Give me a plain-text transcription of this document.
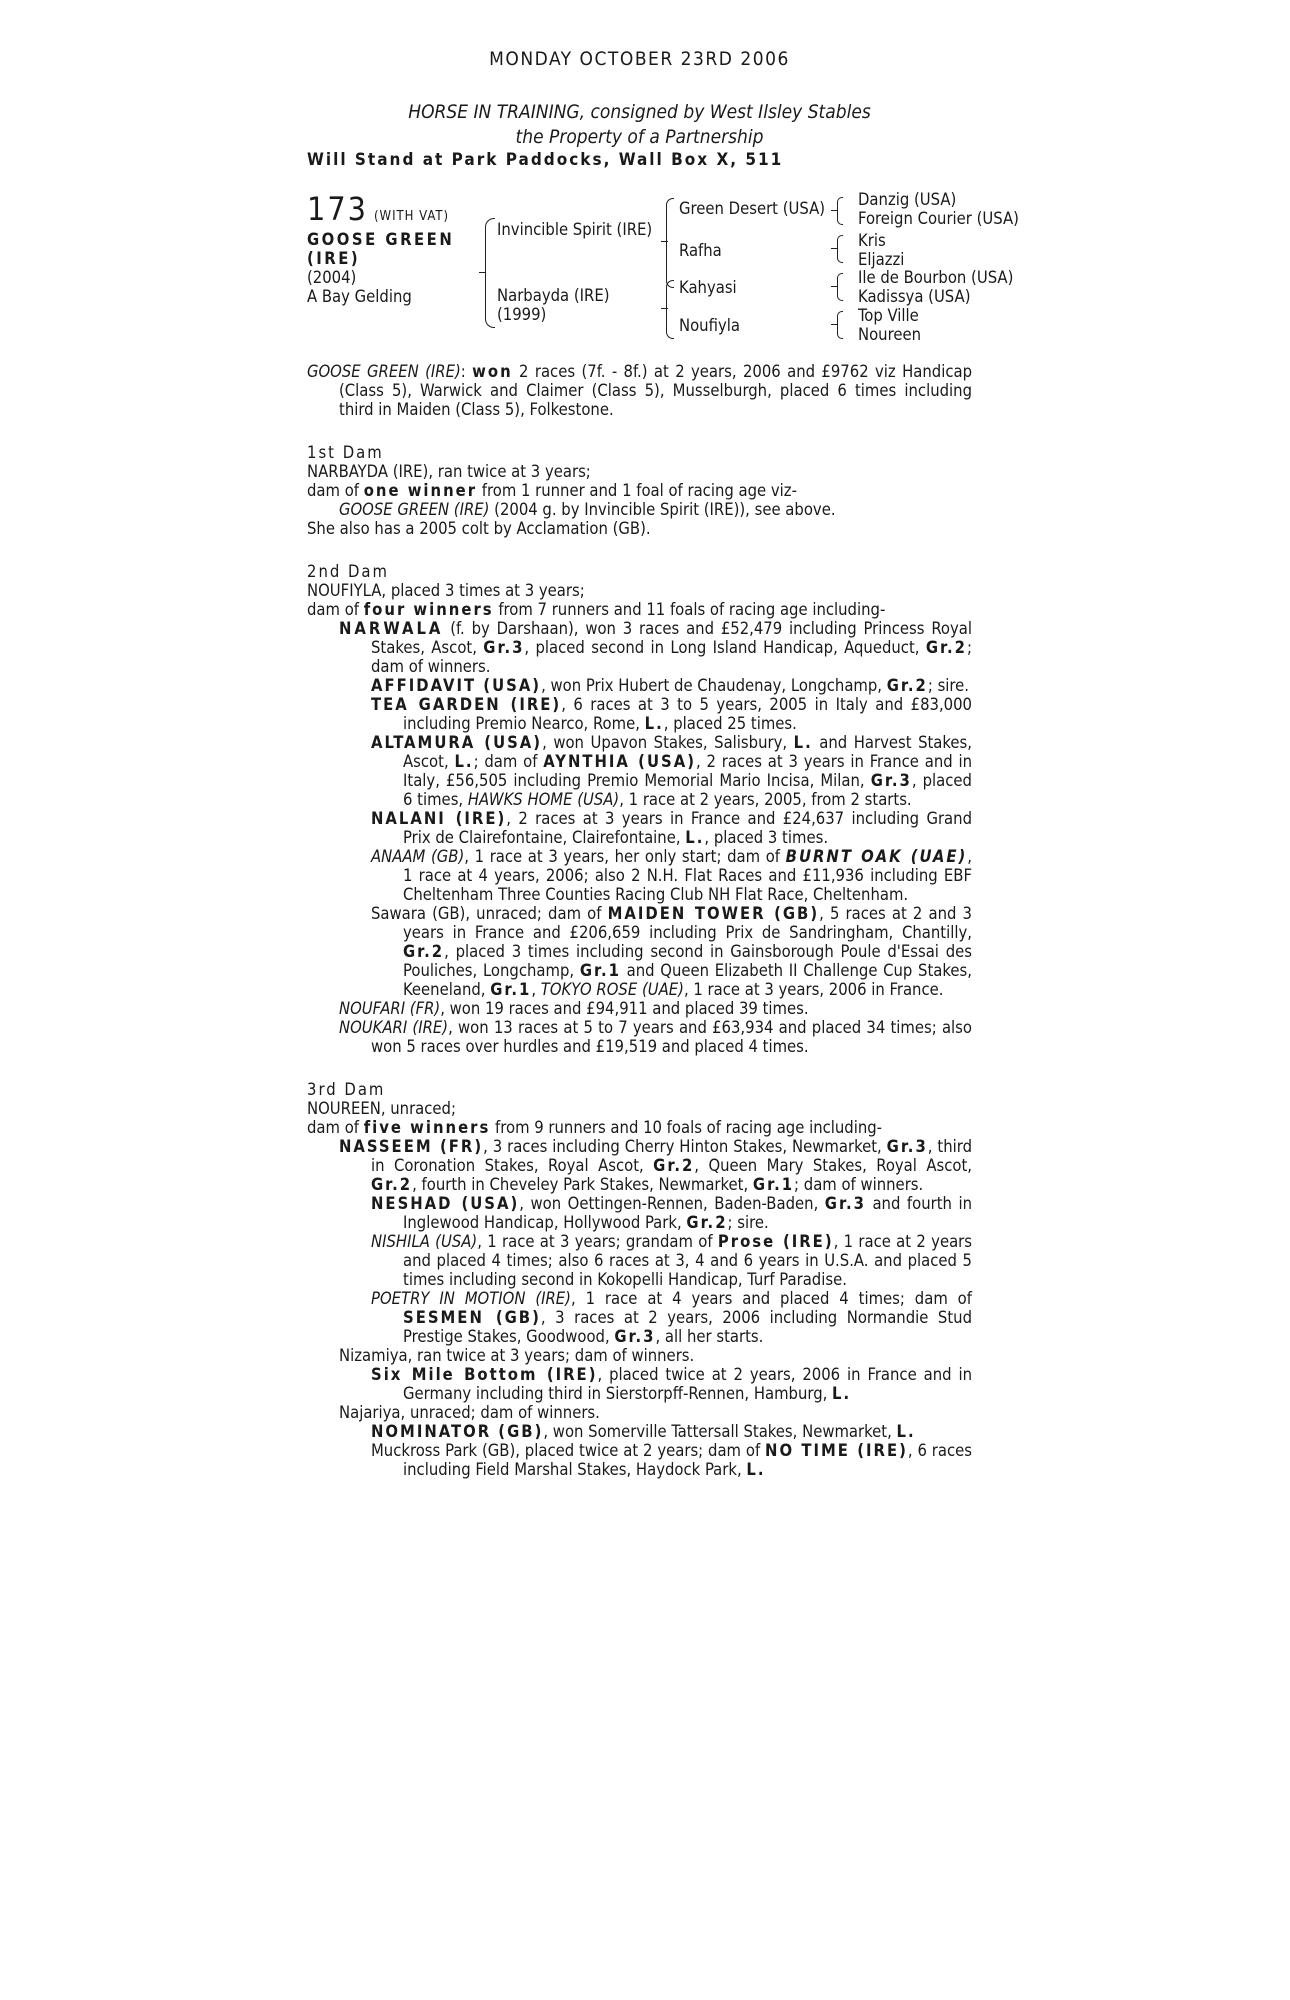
MONDAY OCTOBER 23RD 2006
HORSE IN TRAINING, consigned by West Ilsley Stables
the Property of a Partnership
Will Stand at Park Paddocks, Wall Box X, 511
173 (WITH VAT)
GOOSE GREEN
(IRE)
(2004)
A Bay Gelding
Invincible Spirit (IRE)
Narbayda (IRE)
(1999)
Green Desert (USA)
Rafha
Kahyasi
Noufiyla
Danzig (USA)
Foreign Courier (USA)
Kris
Eljazzi
Ile de Bourbon (USA)
Kadissya (USA)
Top Ville
Noureen

GOOSE GREEN (IRE): won 2 races (7f. - 8f.) at 2 years, 2006 and £9762 viz Handicap (Class 5), Warwick and Claimer (Class 5), Musselburgh, placed 6 times including third in Maiden (Class 5), Folkestone.

1st Dam

NARBAYDA (IRE), ran twice at 3 years;

dam of one winner from 1 runner and 1 foal of racing age viz-

GOOSE GREEN (IRE) (2004 g. by Invincible Spirit (IRE)), see above.

She also has a 2005 colt by Acclamation (GB).

2nd Dam

NOUFIYLA, placed 3 times at 3 years;

dam of four winners from 7 runners and 11 foals of racing age including-

NARWALA (f. by Darshaan), won 3 races and £52,479 including Princess Royal Stakes, Ascot, Gr.3, placed second in Long Island Handicap, Aqueduct, Gr.2; dam of winners.

AFFIDAVIT (USA), won Prix Hubert de Chaudenay, Longchamp, Gr.2; sire.

TEA GARDEN (IRE), 6 races at 3 to 5 years, 2005 in Italy and £83,000 including Premio Nearco, Rome, L., placed 25 times.

ALTAMURA (USA), won Upavon Stakes, Salisbury, L. and Harvest Stakes, Ascot, L.; dam of AYNTHIA (USA), 2 races at 3 years in France and in Italy, £56,505 including Premio Memorial Mario Incisa, Milan, Gr.3, placed 6 times, HAWKS HOME (USA), 1 race at 2 years, 2005, from 2 starts.

NALANI (IRE), 2 races at 3 years in France and £24,637 including Grand Prix de Clairefontaine, Clairefontaine, L., placed 3 times.

ANAAM (GB), 1 race at 3 years, her only start; dam of BURNT OAK (UAE), 1 race at 4 years, 2006; also 2 N.H. Flat Races and £11,936 including EBF Cheltenham Three Counties Racing Club NH Flat Race, Cheltenham.

Sawara (GB), unraced; dam of MAIDEN TOWER (GB), 5 races at 2 and 3 years in France and £206,659 including Prix de Sandringham, Chantilly, Gr.2, placed 3 times including second in Gainsborough Poule d'Essai des Pouliches, Longchamp, Gr.1 and Queen Elizabeth II Challenge Cup Stakes, Keeneland, Gr.1, TOKYO ROSE (UAE), 1 race at 3 years, 2006 in France.

NOUFARI (FR), won 19 races and £94,911 and placed 39 times.

NOUKARI (IRE), won 13 races at 5 to 7 years and £63,934 and placed 34 times; also won 5 races over hurdles and £19,519 and placed 4 times.

3rd Dam

NOUREEN, unraced;

dam of five winners from 9 runners and 10 foals of racing age including-

NASSEEM (FR), 3 races including Cherry Hinton Stakes, Newmarket, Gr.3, third in Coronation Stakes, Royal Ascot, Gr.2, Queen Mary Stakes, Royal Ascot, Gr.2, fourth in Cheveley Park Stakes, Newmarket, Gr.1; dam of winners.

NESHAD (USA), won Oettingen-Rennen, Baden-Baden, Gr.3 and fourth in Inglewood Handicap, Hollywood Park, Gr.2; sire.

NISHILA (USA), 1 race at 3 years; grandam of Prose (IRE), 1 race at 2 years and placed 4 times; also 6 races at 3, 4 and 6 years in U.S.A. and placed 5 times including second in Kokopelli Handicap, Turf Paradise.

POETRY IN MOTION (IRE), 1 race at 4 years and placed 4 times; dam of SESMEN (GB), 3 races at 2 years, 2006 including Normandie Stud Prestige Stakes, Goodwood, Gr.3, all her starts.

Nizamiya, ran twice at 3 years; dam of winners.

Six Mile Bottom (IRE), placed twice at 2 years, 2006 in France and in Germany including third in Sierstorpff-Rennen, Hamburg, L.

Najariya, unraced; dam of winners.

NOMINATOR (GB), won Somerville Tattersall Stakes, Newmarket, L.

Muckross Park (GB), placed twice at 2 years; dam of NO TIME (IRE), 6 races including Field Marshal Stakes, Haydock Park, L.
